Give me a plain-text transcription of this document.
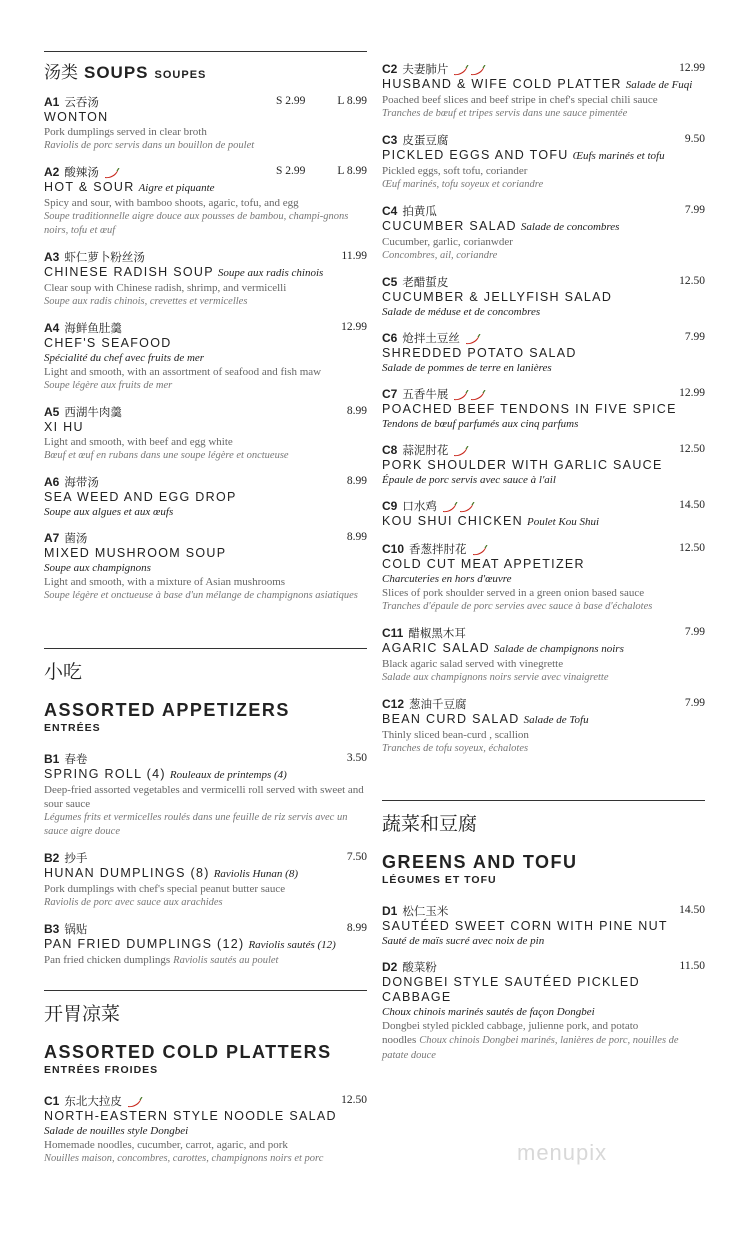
汤类 SOUPS SOUPES
A1 云吞汤	S 2.99	L 8.99
WONTON
Pork dumplings served in clear broth
Raviolis de porc servis dans un bouillon de poulet
A2 酸辣汤	S 2.99	L 8.99
HOT & SOUR Aigre et piquante
Spicy and sour, with bamboo shoots, agaric, tofu, and egg
Soupe traditionnelle aigre douce aux pousses de bambou, champi-gnons noirs, tofu et œuf
A3 虾仁萝卜粉丝汤	11.99
CHINESE RADISH SOUP Soupe aux radis chinois
Clear soup with Chinese radish, shrimp, and vermicelli
Soupe aux radis chinois, crevettes et vermicelles
A4 海鲜鱼肚羹	12.99
CHEF'S SEAFOOD
Spécialité du chef avec fruits de mer
Light and smooth, with an assortment of seafood and fish maw
Soupe légère aux fruits de mer
A5 西湖牛肉羹	8.99
XI HU
Light and smooth, with beef and egg white
Bœuf et œuf en rubans dans une soupe légère et onctueuse
A6 海带汤	8.99
SEA WEED AND EGG DROP
Soupe aux algues et aux œufs
A7 菌汤	8.99
MIXED MUSHROOM SOUP
Soupe aux champignons
Light and smooth, with a mixture of Asian mushrooms
Soupe légère et onctueuse à base d'un mélange de champignons asiatiques
小吃
ASSORTED APPETIZERS
ENTRÉES
B1 春卷	3.50
SPRING ROLL (4) Rouleaux de printemps (4)
Deep-fried assorted vegetables and vermicelli roll served with sweet and sour sauce
Légumes frits et vermicelles roulés dans une feuille de riz servis avec un sauce aigre douce
B2 抄手	7.50
HUNAN DUMPLINGS (8) Raviolis Hunan (8)
Pork dumplings with chef's special peanut butter sauce
Raviolis de porc avec sauce aux arachides
B3 锅贴	8.99
PAN FRIED DUMPLINGS (12) Raviolis sautés (12)
Pan fried chicken dumplings Raviolis sautés au poulet
开胃凉菜
ASSORTED COLD PLATTERS
ENTRÉES FROIDES
C1 东北大拉皮	12.50
NORTH-EASTERN STYLE NOODLE SALAD
Salade de nouilles style Dongbei
Homemade noodles, cucumber, carrot, agaric, and pork
Nouilles maison, concombres, carottes, champignons noirs et porc
C2 夫妻肺片	12.99
HUSBAND & WIFE COLD PLATTER Salade de Fuqi
Poached beef slices and beef stripe in chef's special chili sauce
Tranches de bœuf et tripes servis dans une sauce pimentée
C3 皮蛋豆腐	9.50
PICKLED EGGS AND TOFU Œufs marinés et tofu
Pickled eggs, soft tofu, coriander
Œuf marinés, tofu soyeux et coriandre
C4 拍黄瓜	7.99
CUCUMBER SALAD Salade de concombres
Cucumber, garlic, corianwder
Concombres, ail, coriandre
C5 老醋蜇皮	12.50
CUCUMBER & JELLYFISH SALAD
Salade de méduse et de concombres
C6 炝拌土豆丝	7.99
SHREDDED POTATO SALAD
Salade de pommes de terre en lanières
C7 五香牛展	12.99
POACHED BEEF TENDONS IN FIVE SPICE
Tendons de bœuf parfumés aux cinq parfums
C8 蒜泥肘花	12.50
PORK SHOULDER WITH GARLIC SAUCE
Épaule de porc servis avec sauce à l'ail
C9 口水鸡	14.50
KOU SHUI CHICKEN Poulet Kou Shui
C10 香葱拌肘花	12.50
COLD CUT MEAT APPETIZER
Charcuteries en hors d'œuvre
Slices of pork shoulder served in a green onion based sauce
Tranches d'épaule de porc servies avec sauce à base d'échalotes
C11 醋椒黑木耳	7.99
AGARIC SALAD Salade de champignons noirs
Black agaric salad served with vinegrette
Salade aux champignons noirs servie avec vinaigrette
C12 葱油千豆腐	7.99
BEAN CURD SALAD Salade de Tofu
Thinly sliced bean-curd , scallion
Tranches de tofu soyeux, échalotes
蔬菜和豆腐
GREENS AND TOFU
LÉGUMES ET TOFU
D1 松仁玉米	14.50
SAUTÉED SWEET CORN WITH PINE NUT
Sauté de maïs sucré avec noix de pin
D2 酸菜粉	11.50
DONGBEI STYLE SAUTÉED PICKLED CABBAGE
Choux chinois marinés sautés de façon Dongbei
Dongbei styled pickled cabbage, julienne pork, and potato noodles Choux chinois Dongbei marinés, lanières de porc, nouilles de patate douce
menupix
